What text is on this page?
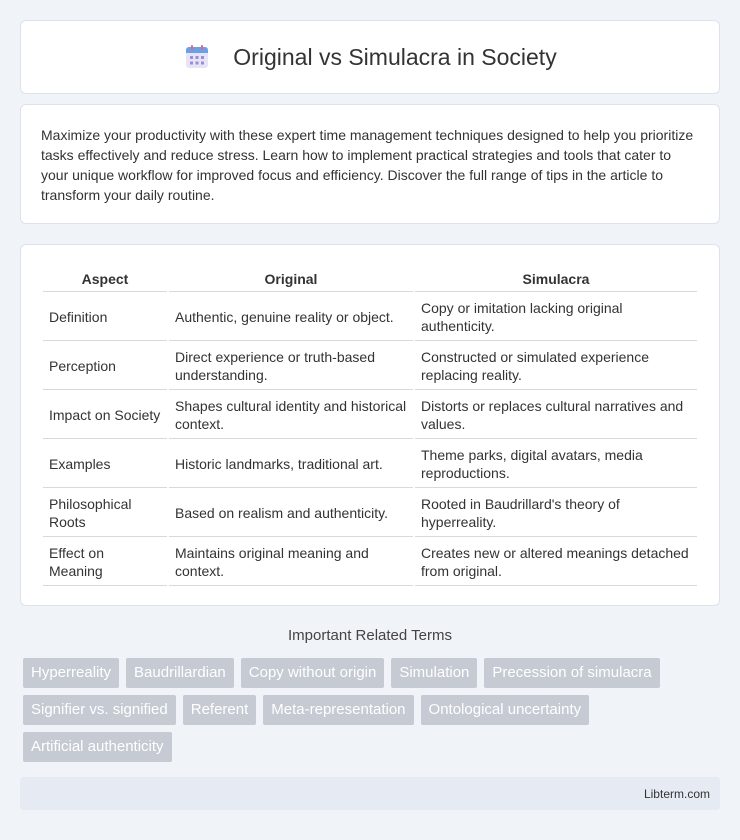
Original vs Simulacra in Society

Maximize your productivity with these expert time management techniques designed to help you prioritize tasks effectively and reduce stress. Learn how to implement practical strategies and tools that cater to your unique workflow for improved focus and efficiency. Discover the full range of tips in the article to transform your daily routine.

Aspect	Original	Simulacra
Definition	Authentic, genuine reality or object.	Copy or imitation lacking original authenticity.
Perception	Direct experience or truth-based understanding.	Constructed or simulated experience replacing reality.
Impact on Society	Shapes cultural identity and historical context.	Distorts or replaces cultural narratives and values.
Examples	Historic landmarks, traditional art.	Theme parks, digital avatars, media reproductions.
Philosophical Roots	Based on realism and authenticity.	Rooted in Baudrillard's theory of hyperreality.
Effect on Meaning	Maintains original meaning and context.	Creates new or altered meanings detached from original.
Important Related Terms
Hyperreality	Baudrillardian	Copy without origin	Simulation	Precession of simulacra
Signifier vs. signified	Referent	Meta-representation	Ontological uncertainty
Artificial authenticity
Libterm.com
